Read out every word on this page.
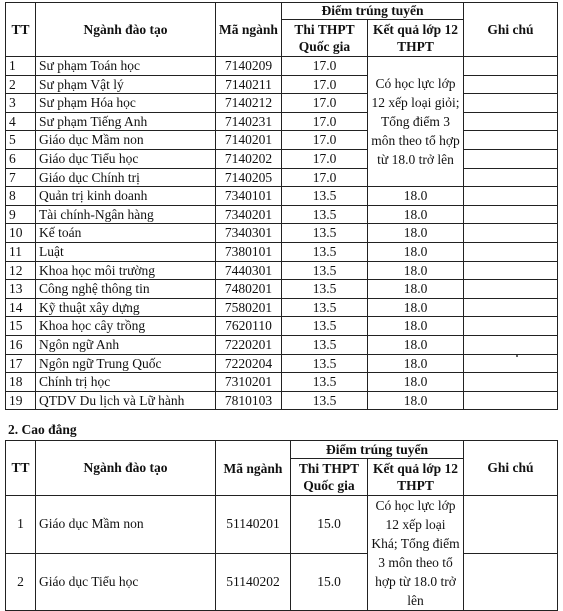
TT	Ngành đào tạo	Mã ngành	Điểm trúng tuyển		Ghi chú
			Thi THPT Quốc gia	Kết quả lớp 12 THPT	
1	Sư phạm Toán học	7140209	17.0	Có học lực lớp 12 xếp loại giỏi; Tổng điểm 3 môn theo tổ hợp từ 18.0 trở lên	
2	Sư phạm Vật lý	7140211	17.0		
3	Sư phạm Hóa học	7140212	17.0		
4	Sư phạm Tiếng Anh	7140231	17.0		
5	Giáo dục Mầm non	7140201	17.0		
6	Giáo dục Tiểu học	7140202	17.0		
7	Giáo dục Chính trị	7140205	17.0		
8	Quản trị kinh doanh	7340101	13.5	18.0	
9	Tài chính-Ngân hàng	7340201	13.5	18.0	
10	Kế toán	7340301	13.5	18.0	
11	Luật	7380101	13.5	18.0	
12	Khoa học môi trường	7440301	13.5	18.0	
13	Công nghệ thông tin	7480201	13.5	18.0	
14	Kỹ thuật xây dựng	7580201	13.5	18.0	
15	Khoa học cây trồng	7620110	13.5	18.0	
16	Ngôn ngữ Anh	7220201	13.5	18.0	
17	Ngôn ngữ Trung Quốc	7220204	13.5	18.0	
18	Chính trị học	7310201	13.5	18.0	
19	QTDV Du lịch và Lữ hành	7810103	13.5	18.0	
2. Cao đẳng
TT	Ngành đào tạo	Mã ngành	Điểm trúng tuyển		Ghi chú
			Thi THPT Quốc gia	Kết quả lớp 12 THPT	
1	Giáo dục Mầm non	51140201	15.0	Có học lực lớp 12 xếp loại Khá; Tổng điểm 3 môn theo tổ hợp từ 18.0 trở lên	
2	Giáo dục Tiểu học	51140202	15.0		
